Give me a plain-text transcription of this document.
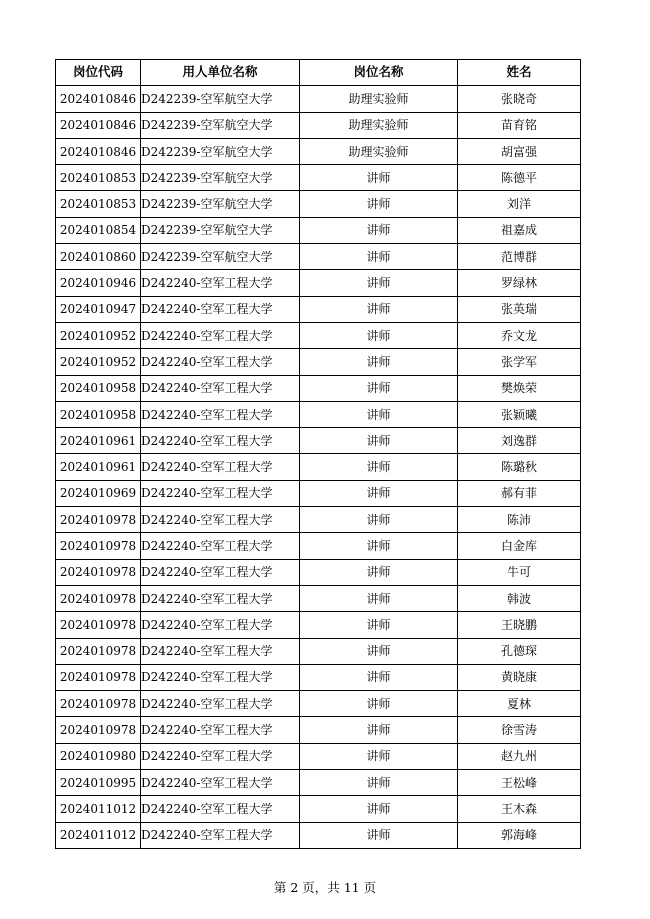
岗位代码	用人单位名称	岗位名称	姓名
2024010846	D242239-空军航空大学	助理实验师	张晓奇
2024010846	D242239-空军航空大学	助理实验师	苗育铭
2024010846	D242239-空军航空大学	助理实验师	胡富强
2024010853	D242239-空军航空大学	讲师	陈德平
2024010853	D242239-空军航空大学	讲师	刘洋
2024010854	D242239-空军航空大学	讲师	祖嘉成
2024010860	D242239-空军航空大学	讲师	范博群
2024010946	D242240-空军工程大学	讲师	罗绿林
2024010947	D242240-空军工程大学	讲师	张英瑞
2024010952	D242240-空军工程大学	讲师	乔文龙
2024010952	D242240-空军工程大学	讲师	张学军
2024010958	D242240-空军工程大学	讲师	樊焕荣
2024010958	D242240-空军工程大学	讲师	张颖曦
2024010961	D242240-空军工程大学	讲师	刘逸群
2024010961	D242240-空军工程大学	讲师	陈璐秋
2024010969	D242240-空军工程大学	讲师	郝有菲
2024010978	D242240-空军工程大学	讲师	陈沛
2024010978	D242240-空军工程大学	讲师	白金库
2024010978	D242240-空军工程大学	讲师	牛可
2024010978	D242240-空军工程大学	讲师	韩波
2024010978	D242240-空军工程大学	讲师	王晓鹏
2024010978	D242240-空军工程大学	讲师	孔德琛
2024010978	D242240-空军工程大学	讲师	黄晓康
2024010978	D242240-空军工程大学	讲师	夏林
2024010978	D242240-空军工程大学	讲师	徐雪涛
2024010980	D242240-空军工程大学	讲师	赵九州
2024010995	D242240-空军工程大学	讲师	王松峰
2024011012	D242240-空军工程大学	讲师	王木森
2024011012	D242240-空军工程大学	讲师	郭海峰
第 2 页，共 11 页
